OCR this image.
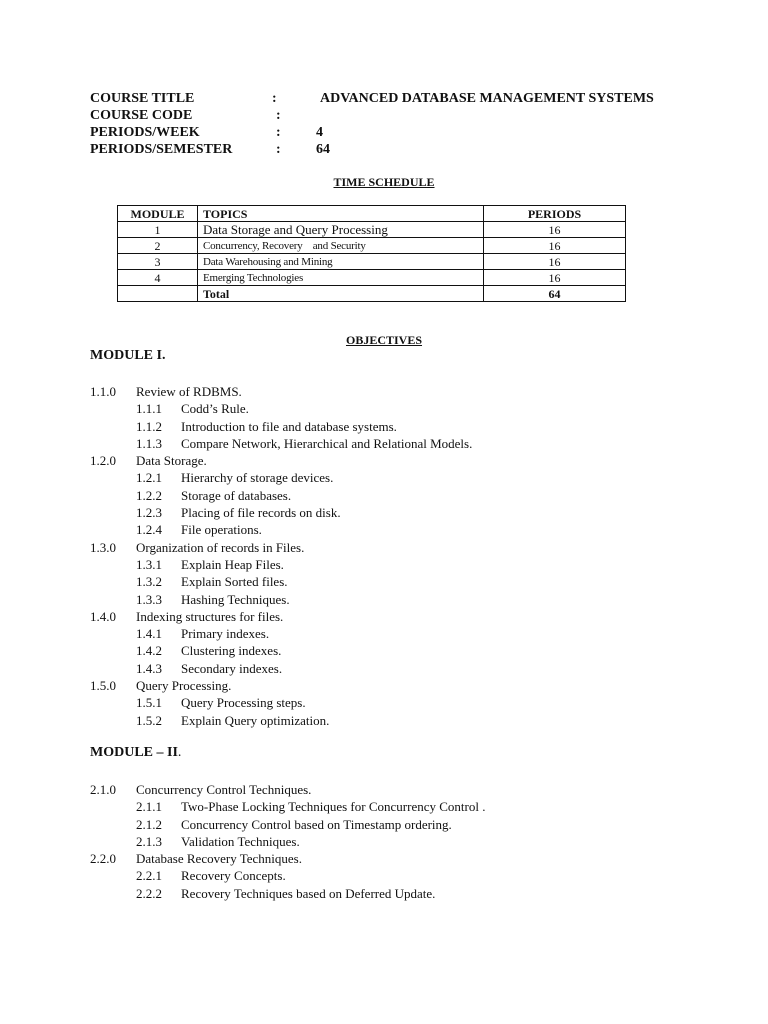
COURSE TITLE	:	ADVANCED DATABASE MANAGEMENT SYSTEMS
COURSE CODE	:
PERIODS/WEEK	:	4
PERIODS/SEMESTER	:	64
TIME SCHEDULE
MODULE	TOPICS	PERIODS
1	Data Storage and Query Processing	16
2	Concurrency, Recovery    and Security	16
3	Data Warehousing and Mining	16
4	Emerging Technologies	16
	Total	64
OBJECTIVES
MODULE I.
1.1.0 Review of RDBMS.
1.1.1 Codd’s Rule.
1.1.2 Introduction to file and database systems.
1.1.3 Compare Network, Hierarchical and Relational Models.
1.2.0 Data Storage.
1.2.1 Hierarchy of storage devices.
1.2.2 Storage of databases.
1.2.3 Placing of file records on disk.
1.2.4 File operations.
1.3.0 Organization of records in Files.
1.3.1 Explain Heap Files.
1.3.2 Explain Sorted files.
1.3.3 Hashing Techniques.
1.4.0 Indexing structures for files.
1.4.1 Primary indexes.
1.4.2 Clustering indexes.
1.4.3 Secondary indexes.
1.5.0 Query Processing.
1.5.1 Query Processing steps.
1.5.2 Explain Query optimization.
MODULE – II.
2.1.0 Concurrency Control Techniques.
2.1.1 Two-Phase Locking Techniques for Concurrency Control .
2.1.2 Concurrency Control based on Timestamp ordering.
2.1.3 Validation Techniques.
2.2.0 Database Recovery Techniques.
2.2.1 Recovery Concepts.
2.2.2 Recovery Techniques based on Deferred Update.
